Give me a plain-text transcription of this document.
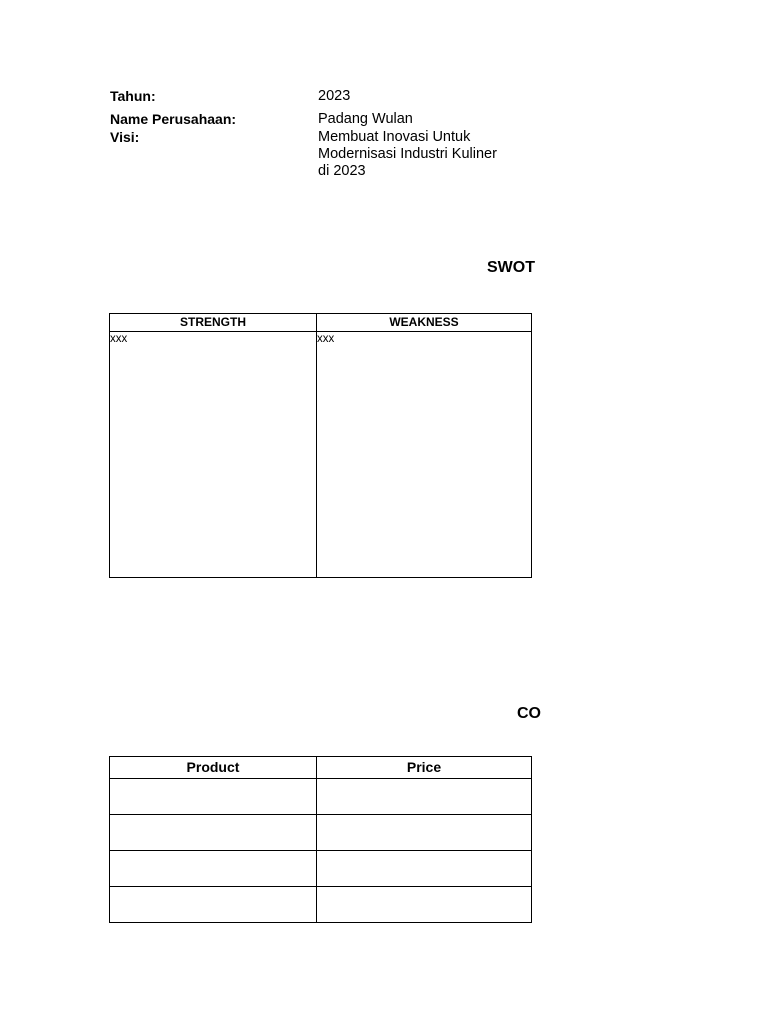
Tahun:	2023
Name Perusahaan:	Padang Wulan
Visi:	Membuat Inovasi Untuk
Modernisasi Industri Kuliner
di 2023
SWOT
STRENGTH	WEAKNESS

xxx	xxx
CO
Product	Price
